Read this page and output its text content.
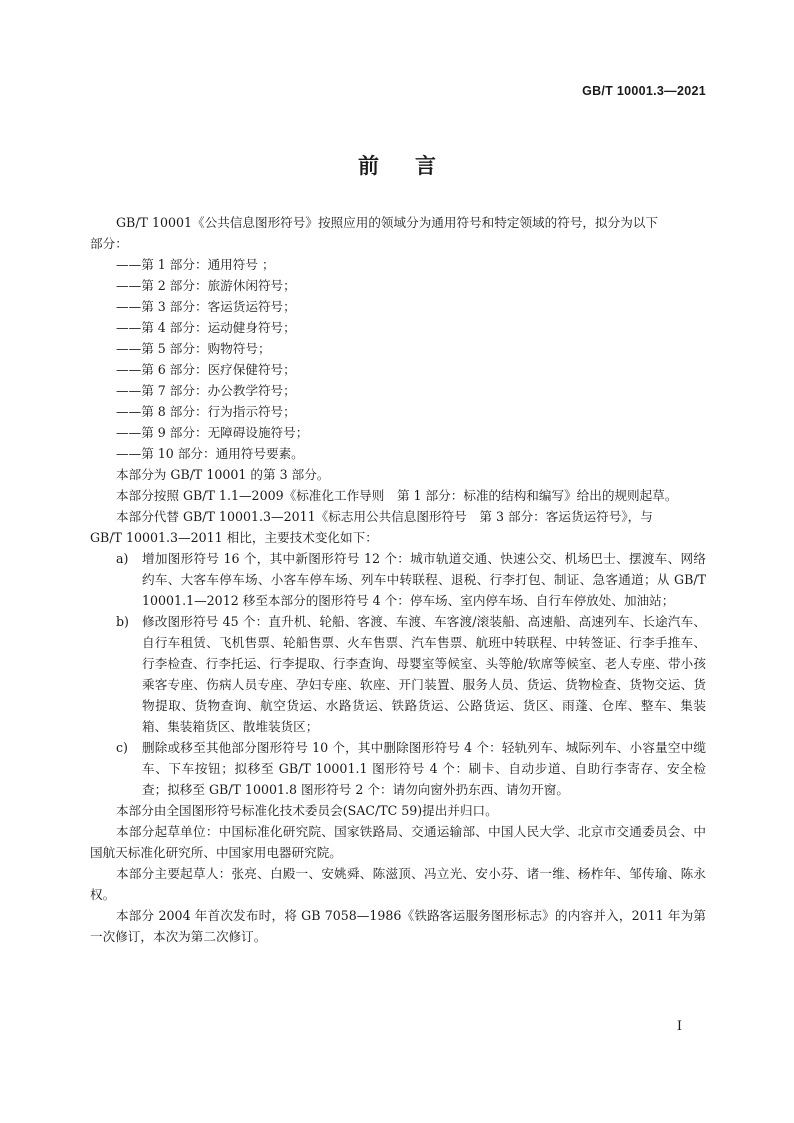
GB/T 10001.3—2021
前言

GB/T 10001《公共信息图形符号》按照应用的领域分为通用符号和特定领域的符号，拟分为以下

部分：

——第 1 部分：通用符号 ；

——第 2 部分：旅游休闲符号；

——第 3 部分：客运货运符号；

——第 4 部分：运动健身符号；

——第 5 部分：购物符号；

——第 6 部分：医疗保健符号；

——第 7 部分：办公教学符号；

——第 8 部分：行为指示符号；

——第 9 部分：无障碍设施符号；

——第 10 部分：通用符号要素。

本部分为 GB/T 10001 的第 3 部分。

本部分按照 GB/T 1.1—2009《标准化工作导则　第 1 部分：标准的结构和编写》给出的规则起草。

本部分代替 GB/T 10001.3—2011《标志用公共信息图形符号　第 3 部分：客运货运符号》，与

GB/T 10001.3—2011 相比，主要技术变化如下：

a)	增加图形符号 16 个，其中新图形符号 12 个：城市轨道交通、快速公交、机场巴士、摆渡车、网络约车、大客车停车场、小客车停车场、列车中转联程、退税、行李打包、制证、急客通道；从 GB/T 10001.1—2012 移至本部分的图形符号 4 个：停车场、室内停车场、自行车停放处、加油站；
b)	修改图形符号 45 个：直升机、轮船、客渡、车渡、车客渡/滚装船、高速船、高速列车、长途汽车、自行车租赁、飞机售票、轮船售票、火车售票、汽车售票、航班中转联程、中转签证、行李手推车、行李检查、行李托运、行李提取、行李查询、母婴室等候室、头等舱/软席等候室、老人专座、带小孩乘客专座、伤病人员专座、孕妇专座、软座、开门装置、服务人员、货运、货物检查、货物交运、货物提取、货物查询、航空货运、水路货运、铁路货运、公路货运、货区、雨蓬、仓库、整车、集装箱、集装箱货区、散堆装货区；
c)	删除或移至其他部分图形符号 10 个，其中删除图形符号 4 个：轻轨列车、城际列车、小容量空中缆车、下车按钮；拟移至 GB/T 10001.1 图形符号 4 个：刷卡、自动步道、自助行李寄存、安全检查；拟移至 GB/T 10001.8 图形符号 2 个：请勿向窗外扔东西、请勿开窗。

本部分由全国图形符号标准化技术委员会(SAC/TC 59)提出并归口。

本部分起草单位：中国标准化研究院、国家铁路局、交通运输部、中国人民大学、北京市交通委员会、中国航天标准化研究所、中国家用电器研究院。

本部分主要起草人：张亮、白殿一、安姚舜、陈滋顶、冯立光、安小芬、诸一维、杨柞年、邹传瑜、陈永权。

本部分 2004 年首次发布时，将 GB 7058—1986《铁路客运服务图形标志》的内容并入，2011 年为第一次修订，本次为第二次修订。

I
